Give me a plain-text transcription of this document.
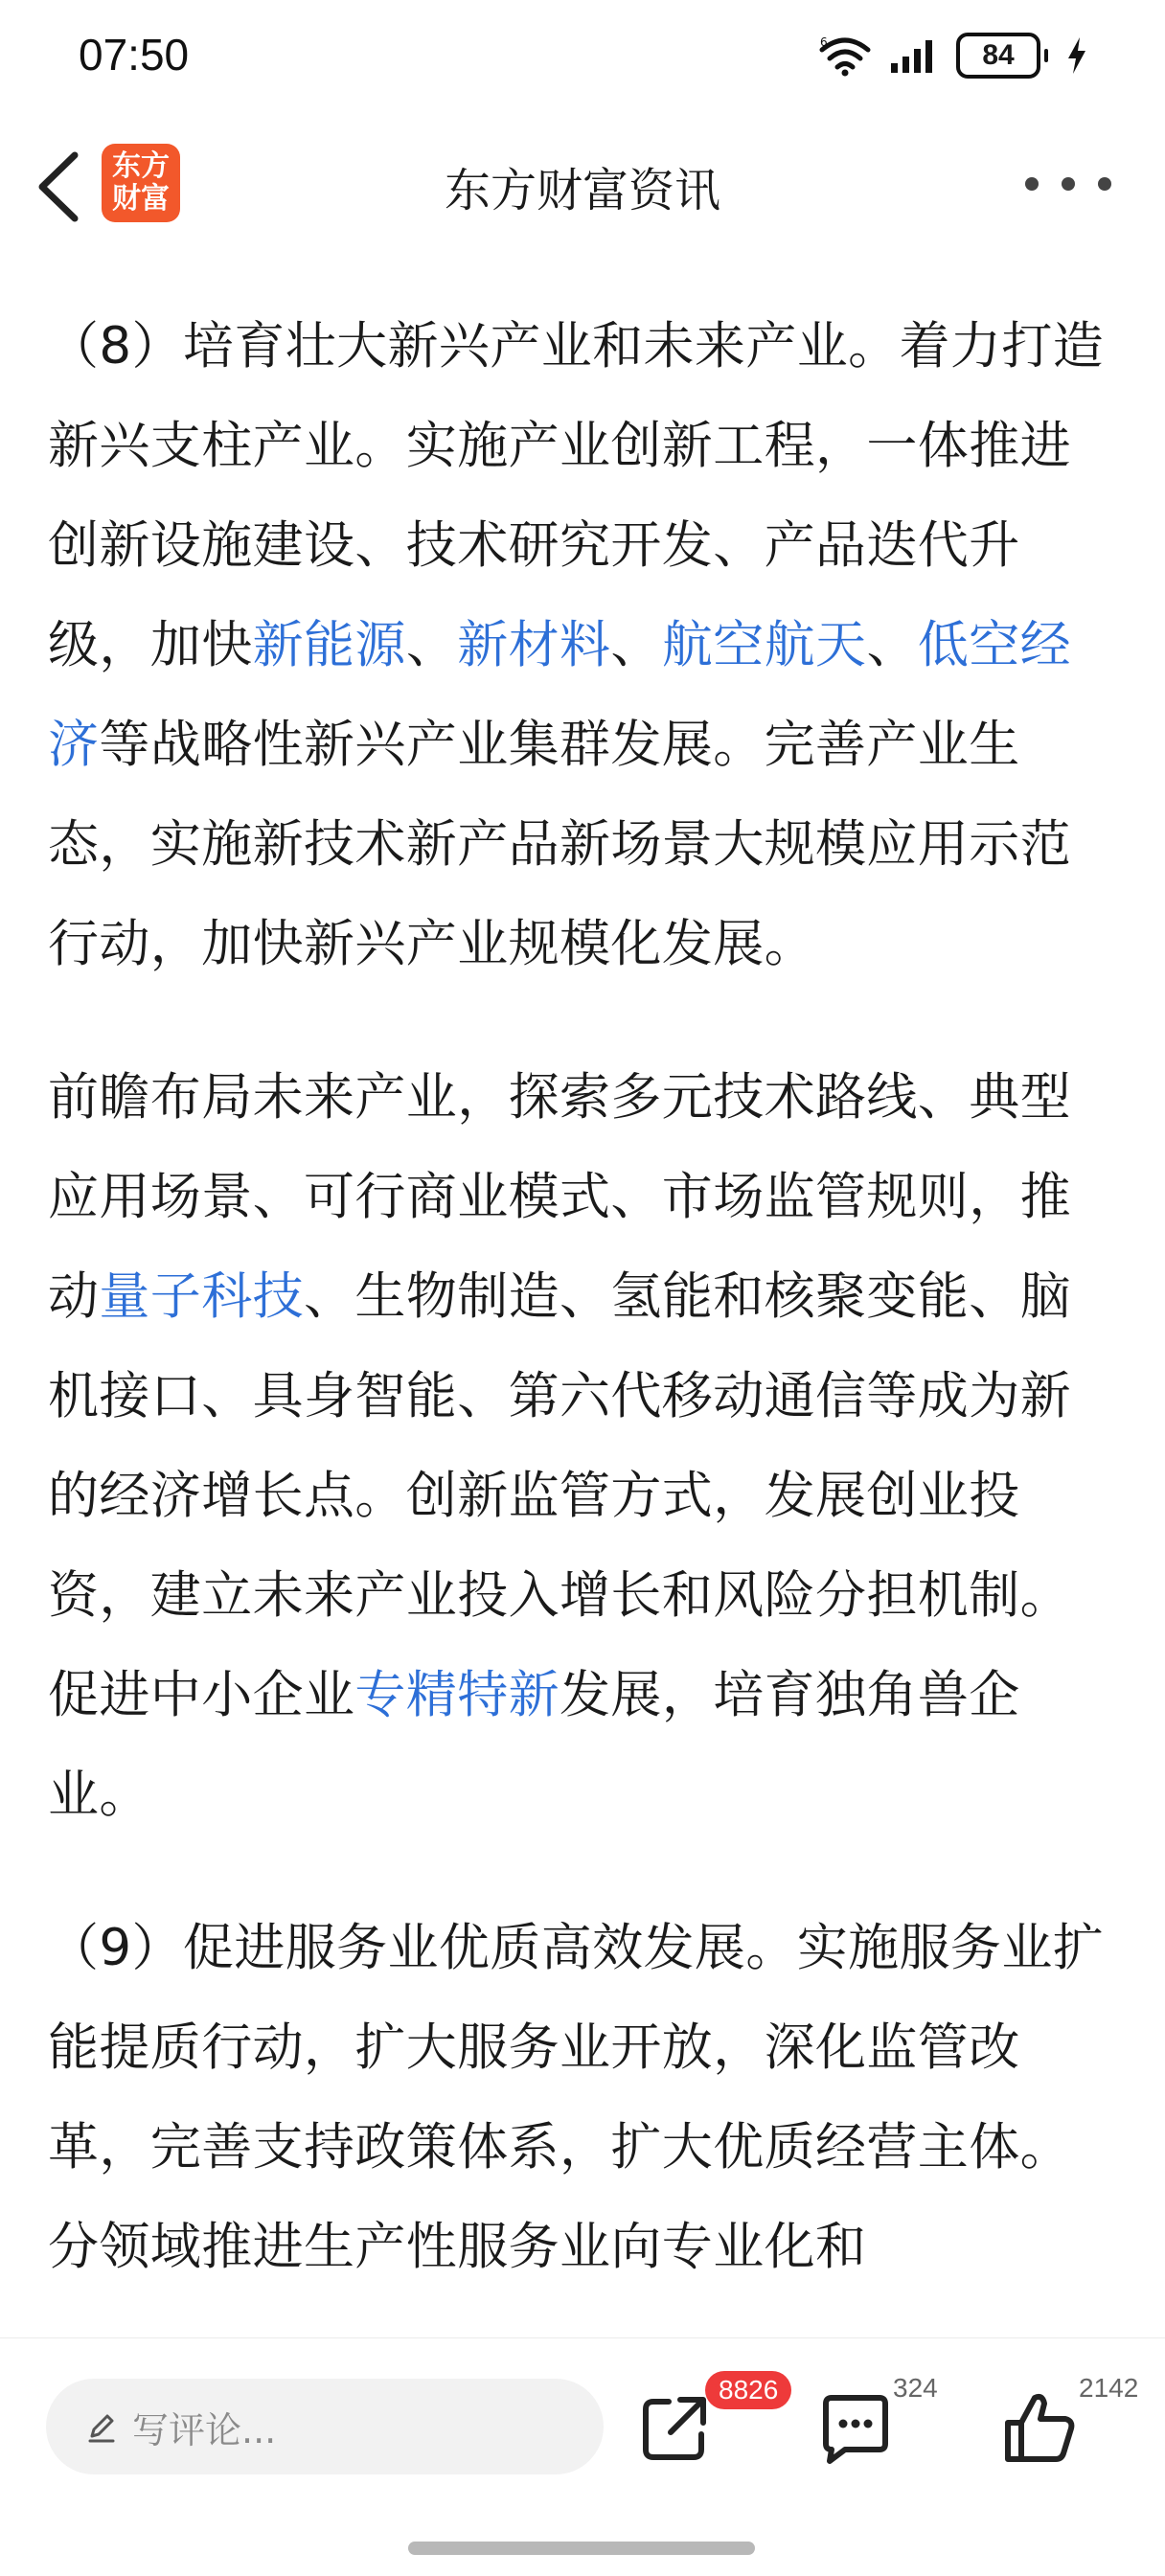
07:50	6	84
东方
财富	东方财富资讯

（8）培育壮大新兴产业和未来产业。着力打造新兴支柱产业。实施产业创新工程，一体推进创新设施建设、技术研究开发、产品迭代升级，加快新能源、新材料、航空航天、低空经济等战略性新兴产业集群发展。完善产业生态，实施新技术新产品新场景大规模应用示范行动，加快新兴产业规模化发展。

前瞻布局未来产业，探索多元技术路线、典型应用场景、可行商业模式、市场监管规则，推动量子科技、生物制造、氢能和核聚变能、脑机接口、具身智能、第六代移动通信等成为新的经济增长点。创新监管方式，发展创业投资，建立未来产业投入增长和风险分担机制。促进中小企业专精特新发展，培育独角兽企业。

（9）促进服务业优质高效发展。实施服务业扩能提质行动，扩大服务业开放，深化监管改革，完善支持政策体系，扩大优质经营主体。分领域推进生产性服务业向专业化和

写评论...
8826	324	2142
